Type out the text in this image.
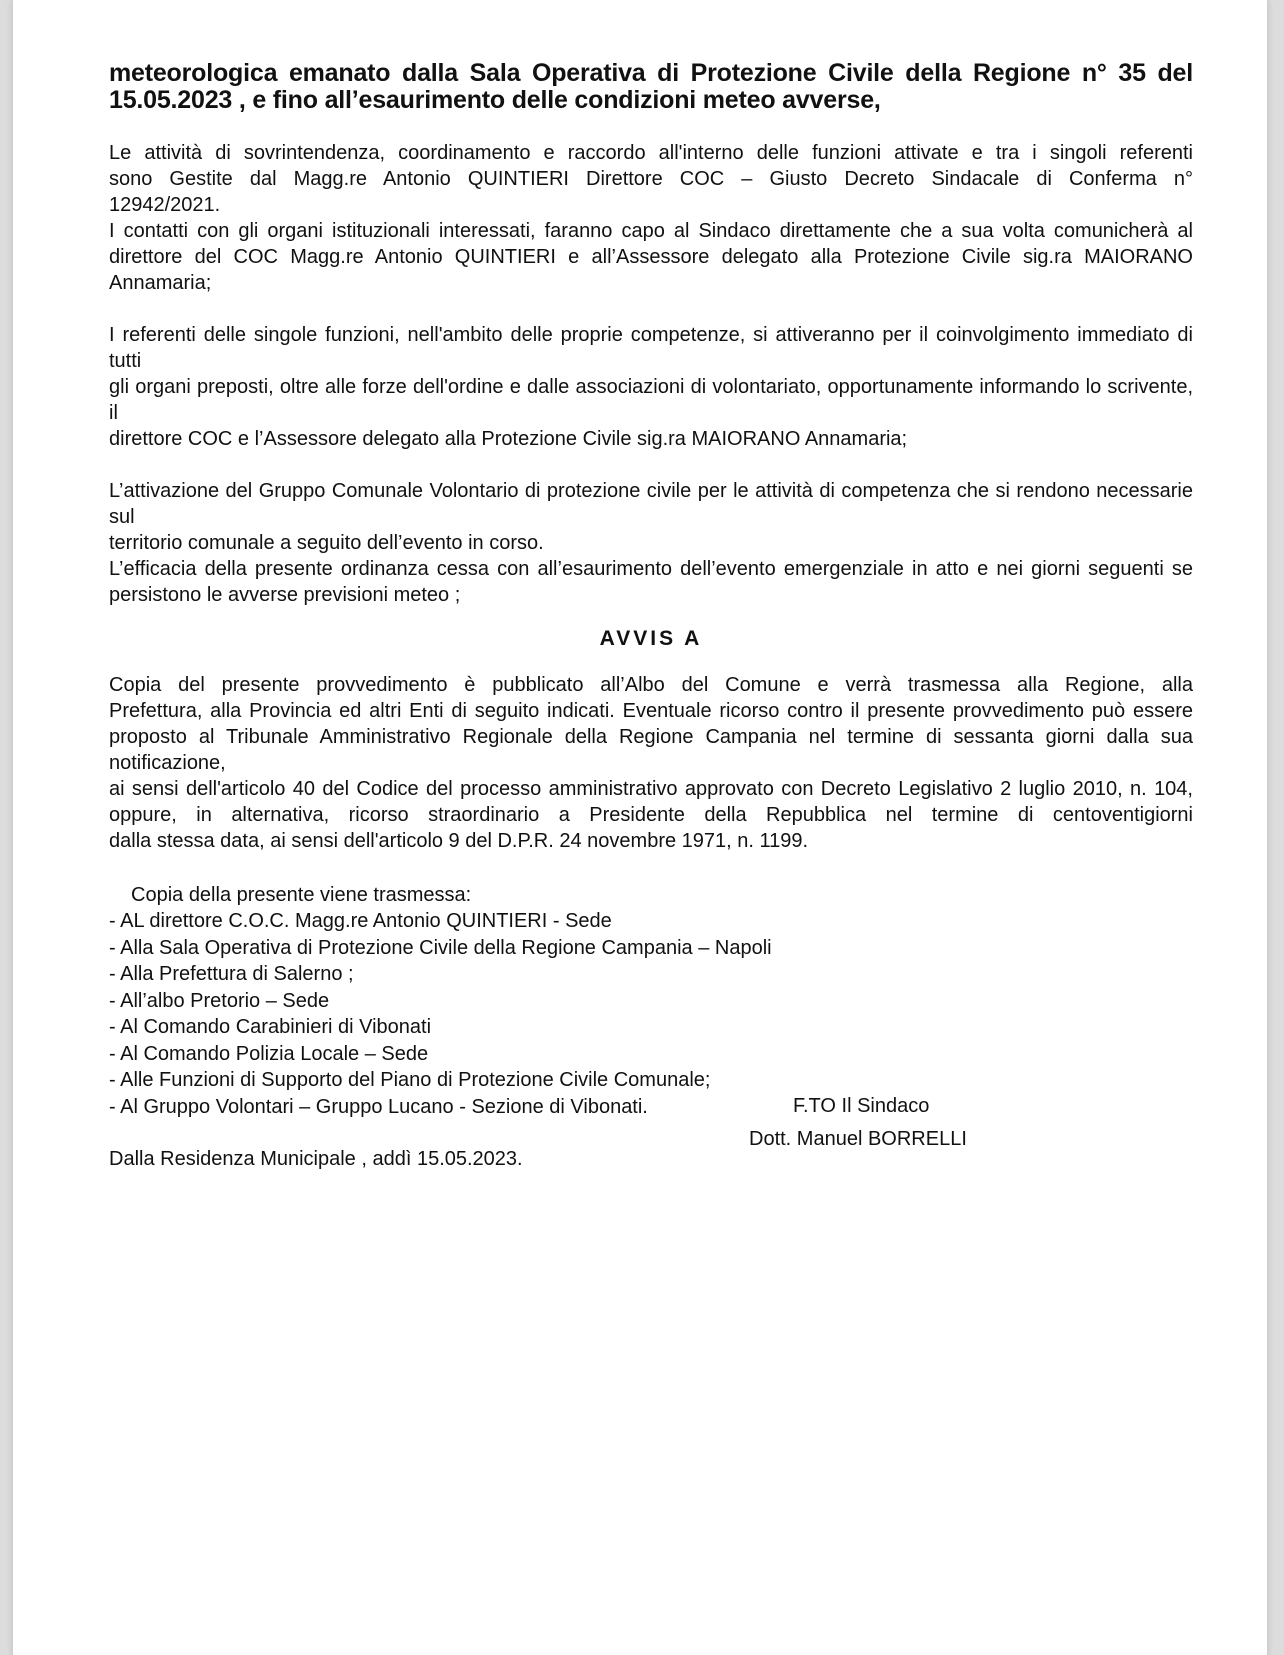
meteorologica emanato dalla Sala Operativa di Protezione Civile della Regione n° 35 del
15.05.2023 , e fino all’esaurimento delle condizioni meteo avverse,

Le attività di sovrintendenza, coordinamento e raccordo all'interno delle funzioni attivate e tra i singoli referenti

sono Gestite dal Magg.re Antonio QUINTIERI Direttore COC – Giusto Decreto Sindacale di Conferma n°

12942/2021.

I contatti con gli organi istituzionali interessati, faranno capo al Sindaco direttamente che a sua volta comunicherà al

direttore del COC Magg.re Antonio QUINTIERI e all’Assessore delegato alla Protezione Civile sig.ra MAIORANO

Annamaria;

I referenti delle singole funzioni, nell'ambito delle proprie competenze, si attiveranno per il coinvolgimento immediato di tutti

gli organi preposti, oltre alle forze dell'ordine e dalle associazioni di volontariato, opportunamente informando lo scrivente, il

direttore COC e l’Assessore delegato alla Protezione Civile sig.ra MAIORANO Annamaria;

L’attivazione del Gruppo Comunale Volontario di protezione civile per le attività di competenza che si rendono necessarie sul

territorio comunale a seguito dell’evento in corso.

L’efficacia della presente ordinanza cessa con all’esaurimento dell’evento emergenziale in atto e nei giorni seguenti se

persistono le avverse previsioni meteo ;

AVVIS A

Copia del presente provvedimento è pubblicato all’Albo del Comune e verrà trasmessa alla Regione, alla

Prefettura, alla Provincia ed altri Enti di seguito indicati. Eventuale ricorso contro il presente provvedimento può essere

proposto al Tribunale Amministrativo Regionale della Regione Campania nel termine di sessanta giorni dalla sua notificazione,

ai sensi dell'articolo 40 del Codice del processo amministrativo approvato con Decreto Legislativo 2 luglio 2010, n. 104,

oppure, in alternativa, ricorso straordinario a Presidente della Repubblica nel termine di centoventigiorni

dalla stessa data, ai sensi dell'articolo 9 del D.P.R. 24 novembre 1971, n. 1199.

Copia della presente viene trasmessa:

- AL direttore C.O.C. Magg.re Antonio QUINTIERI - Sede
- Alla Sala Operativa di Protezione Civile della Regione Campania – Napoli
- Alla Prefettura di Salerno ;
- All’albo Pretorio – Sede
- Al Comando Carabinieri di Vibonati
- Al Comando Polizia Locale – Sede
- Alle Funzioni di Supporto del Piano di Protezione Civile Comunale;
- Al Gruppo Volontari – Gruppo Lucano - Sezione di Vibonati.

Dalla Residenza Municipale , addì 15.05.2023.

F.TO Il Sindaco
Dott. Manuel BORRELLI
